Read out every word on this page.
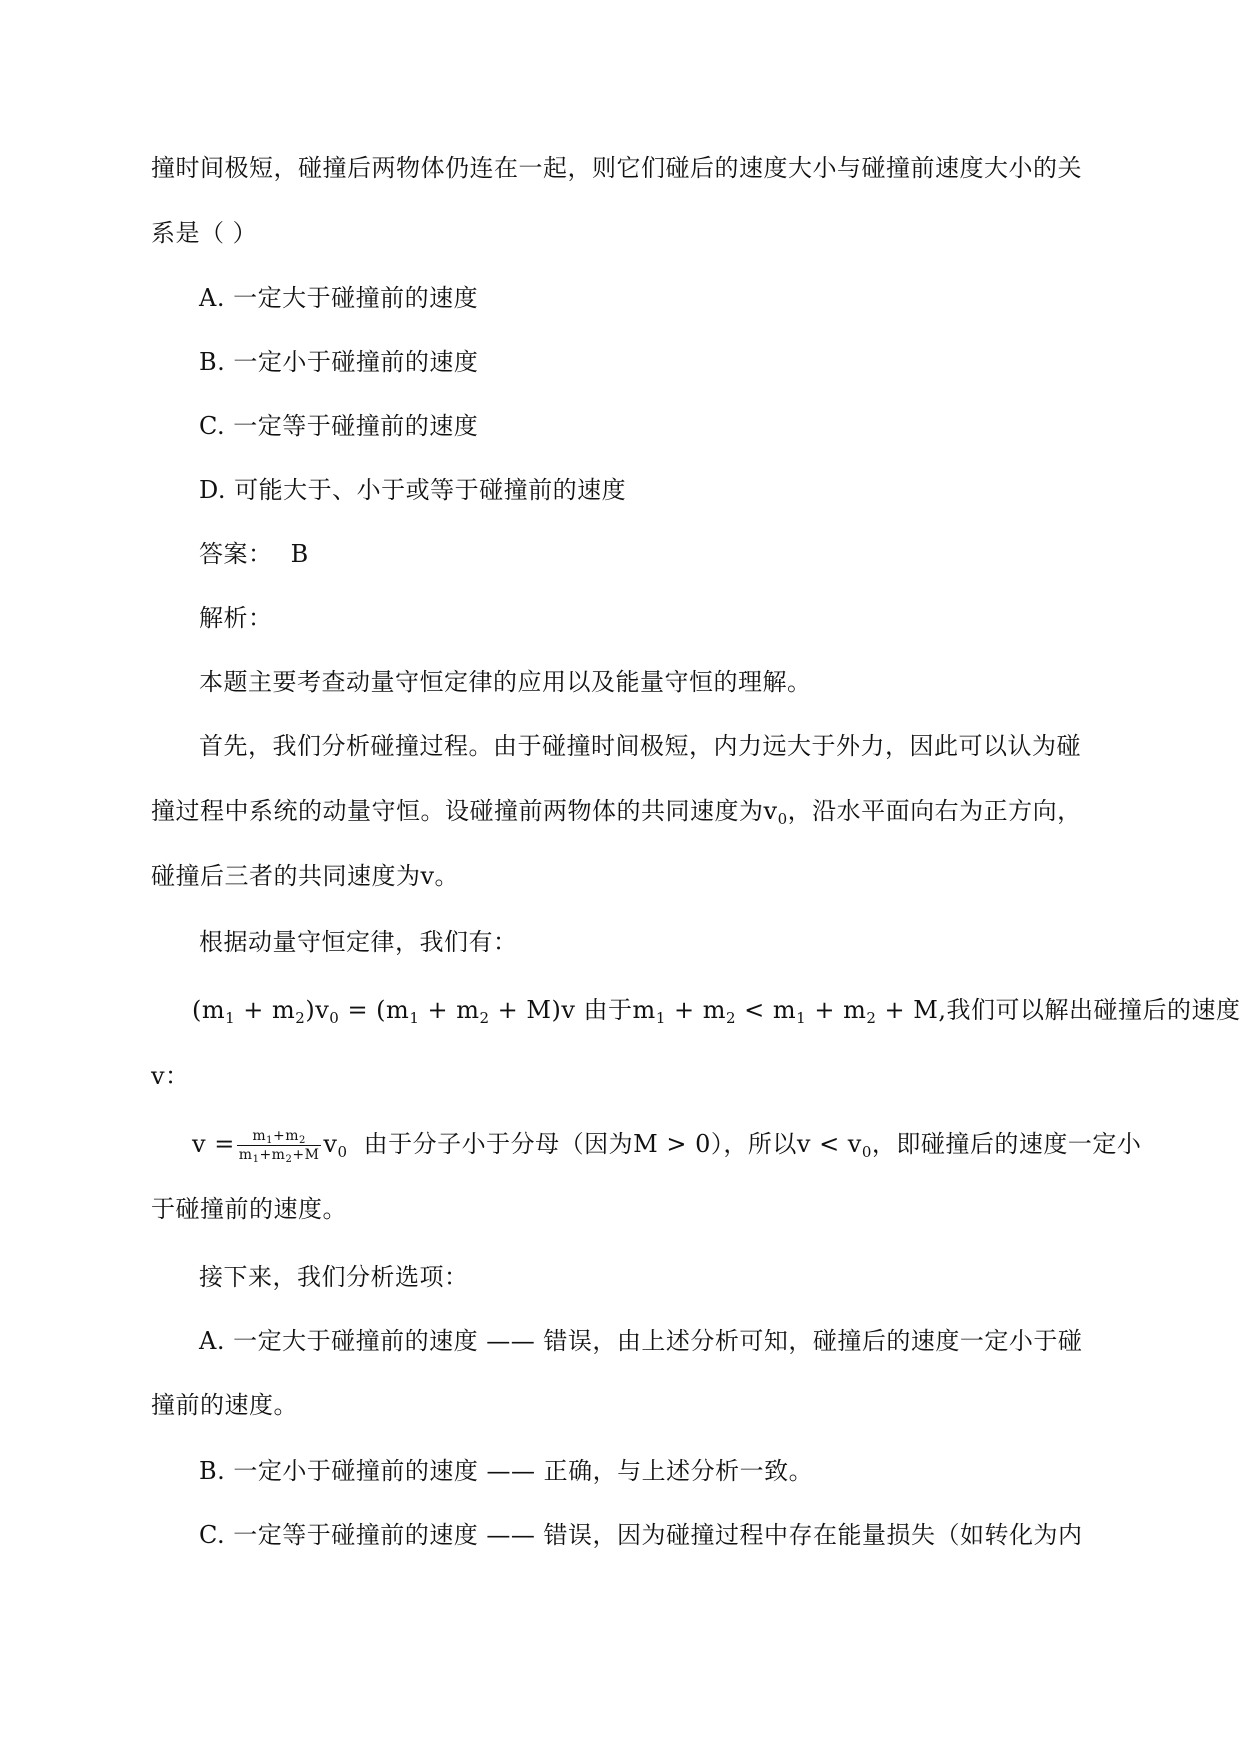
撞时间极短，碰撞后两物体仍连在一起，则它们碰后的速度大小与碰撞前速度大小的关
系是（ ）
A. 一定大于碰撞前的速度
B. 一定小于碰撞前的速度
C. 一定等于碰撞前的速度
D. 可能大于、小于或等于碰撞前的速度
答案： B
解析：
本题主要考查动量守恒定律的应用以及能量守恒的理解。
首先，我们分析碰撞过程。由于碰撞时间极短，内力远大于外力，因此可以认为碰
撞过程中系统的动量守恒。设碰撞前两物体的共同速度为$v_0$，沿水平面向右为正方向，
碰撞后三者的共同速度为v。
根据动量守恒定律，我们有：
$(m_1 + m_2)v_0 = (m_1 + m_2 + M)v$ 由于$m_1 + m_2 < m_1 + m_2 + M$,我们可以解出碰撞后的速度
v：
$v = \frac{m_1+m_2}{m_1+m_2+M} v_0$ 由于分子小于分母（因为M > 0），所以$v < v_0$，即碰撞后的速度一定小
于碰撞前的速度。
接下来，我们分析选项：
A. 一定大于碰撞前的速度 —— 错误，由上述分析可知，碰撞后的速度一定小于碰
撞前的速度。
B. 一定小于碰撞前的速度 —— 正确，与上述分析一致。
C. 一定等于碰撞前的速度 —— 错误，因为碰撞过程中存在能量损失（如转化为内
